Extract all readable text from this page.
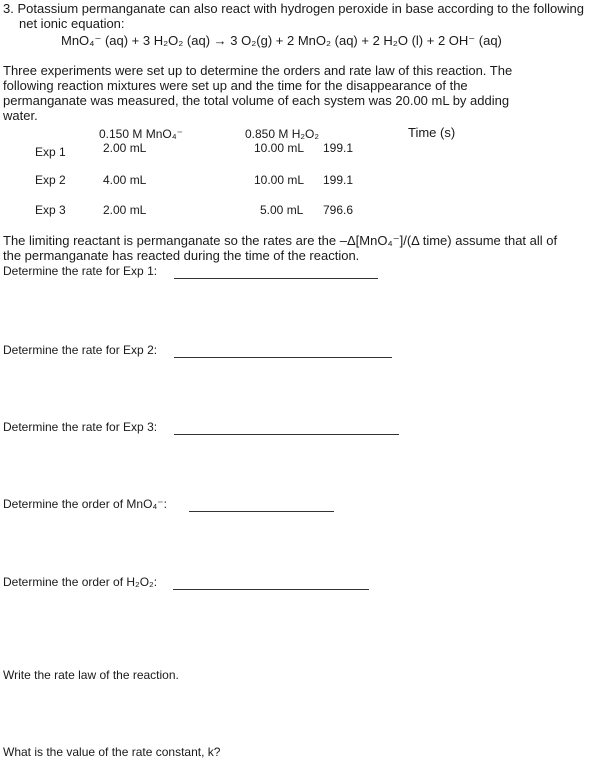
3. Potassium permanganate can also react with hydrogen peroxide in base according to the following
net ionic equation:
MnO₄⁻ (aq) + 3 H₂O₂ (aq) → 3 O₂(g) + 2 MnO₂ (aq) + 2 H₂O (l) + 2 OH⁻ (aq)
Three experiments were set up to determine the orders and rate law of this reaction. The
following reaction mixtures were set up and the time for the disappearance of the
permanganate was measured, the total volume of each system was 20.00 mL by adding
water.
0.150 M MnO₄⁻	0.850 M H₂O₂	Time (s)
Exp 1	2.00 mL	10.00 mL 199.1
Exp 2	4.00 mL	10.00 mL 199.1
Exp 3	2.00 mL	5.00 mL 796.6
The limiting reactant is permanganate so the rates are the –Δ[MnO₄⁻]/(Δ time) assume that all of
the permanganate has reacted during the time of the reaction.
Determine the rate for Exp 1:
Determine the rate for Exp 2:
Determine the rate for Exp 3:
Determine the order of MnO₄⁻:
Determine the order of H₂O₂:
Write the rate law of the reaction.
What is the value of the rate constant, k?
